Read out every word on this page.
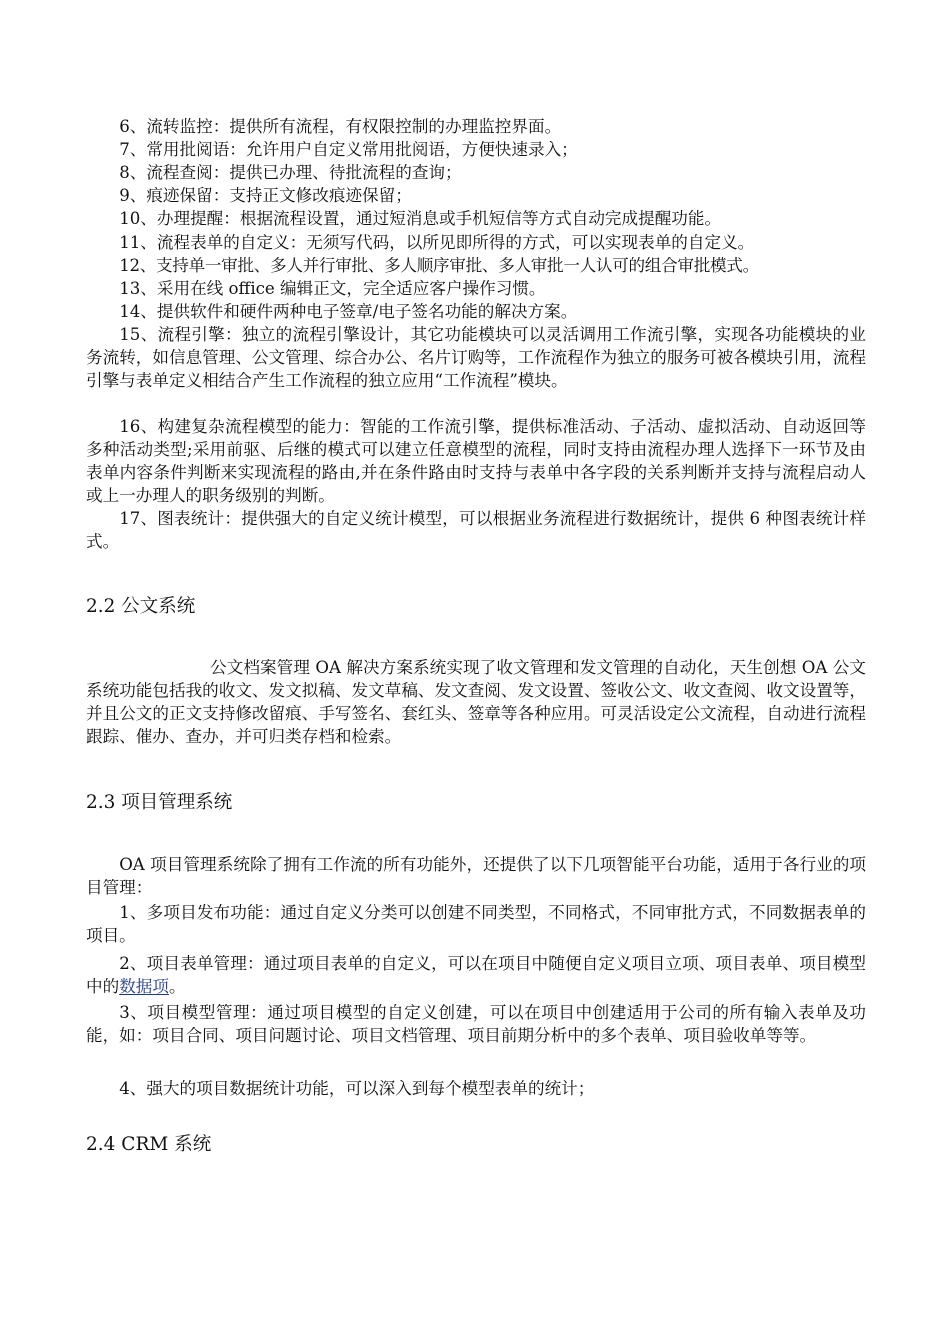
6、流转监控：提供所有流程，有权限控制的办理监控界面。
7、常用批阅语：允许用户自定义常用批阅语，方便快速录入；
8、流程查阅：提供已办理、待批流程的查询；
9、痕迹保留：支持正文修改痕迹保留；
10、办理提醒：根据流程设置，通过短消息或手机短信等方式自动完成提醒功能。
11、流程表单的自定义：无须写代码，以所见即所得的方式，可以实现表单的自定义。
12、支持单一审批、多人并行审批、多人顺序审批、多人审批一人认可的组合审批模式。
13、采用在线 office 编辑正文，完全适应客户操作习惯。
14、提供软件和硬件两种电子签章/电子签名功能的解决方案。
15、流程引擎：独立的流程引擎设计，其它功能模块可以灵活调用工作流引擎，实现各功能模块的业务流转，如信息管理、公文管理、综合办公、名片订购等，工作流程作为独立的服务可被各模块引用，流程引擎与表单定义相结合产生工作流程的独立应用“工作流程”模块。
16、构建复杂流程模型的能力：智能的工作流引擎，提供标准活动、子活动、虚拟活动、自动返回等多种活动类型;采用前驱、后继的模式可以建立任意模型的流程，同时支持由流程办理人选择下一环节及由表单内容条件判断来实现流程的路由,并在条件路由时支持与表单中各字段的关系判断并支持与流程启动人或上一办理人的职务级别的判断。
17、图表统计：提供强大的自定义统计模型，可以根据业务流程进行数据统计，提供 6 种图表统计样式。
2.2 公文系统
公文档案管理 OA 解决方案系统实现了收文管理和发文管理的自动化，天生创想 OA 公文系统功能包括我的收文、发文拟稿、发文草稿、发文查阅、发文设置、签收公文、收文查阅、收文设置等，并且公文的正文支持修改留痕、手写签名、套红头、签章等各种应用。可灵活设定公文流程，自动进行流程跟踪、催办、查办，并可归类存档和检索。
2.3 项目管理系统
OA 项目管理系统除了拥有工作流的所有功能外，还提供了以下几项智能平台功能，适用于各行业的项目管理：
1、多项目发布功能：通过自定义分类可以创建不同类型，不同格式，不同审批方式，不同数据表单的项目。
2、项目表单管理：通过项目表单的自定义，可以在项目中随便自定义项目立项、项目表单、项目模型中的数据项。
3、项目模型管理：通过项目模型的自定义创建，可以在项目中创建适用于公司的所有输入表单及功能，如：项目合同、项目问题讨论、项目文档管理、项目前期分析中的多个表单、项目验收单等等。
4、强大的项目数据统计功能，可以深入到每个模型表单的统计；
2.4 CRM 系统
